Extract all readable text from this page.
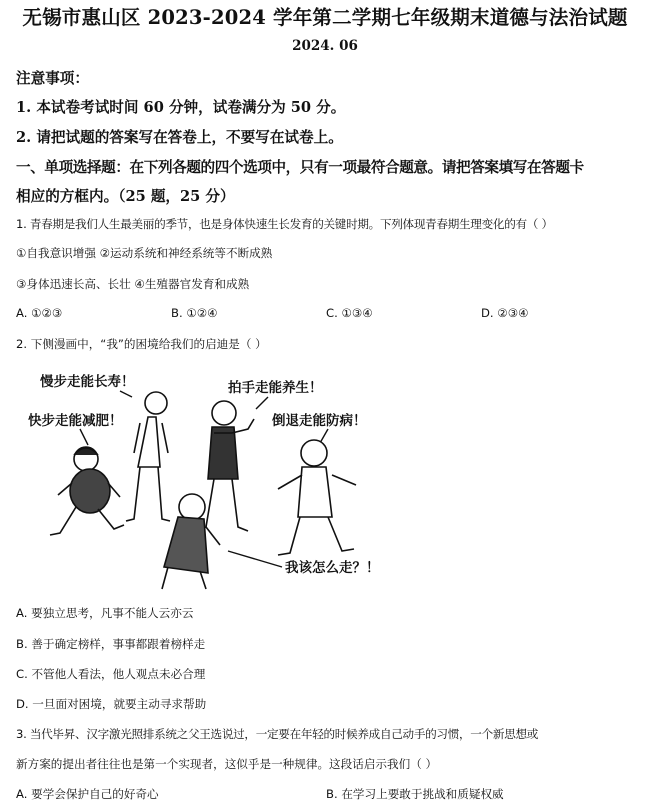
无锡市惠山区 2023-2024 学年第二学期七年级期末道德与法治试题
2024. 06
注意事项：
1. 本试卷考试时间 60 分钟，试卷满分为 50 分。
2. 请把试题的答案写在答卷上，不要写在试卷上。
一、单项选择题：在下列各题的四个选项中，只有一项最符合题意。请把答案填写在答题卡
相应的方框内。（25 题，25 分）
1. 青春期是我们人生最美丽的季节，也是身体快速生长发育的关键时期。下列体现青春期生理变化的有（ ）
①自我意识增强 ②运动系统和神经系统等不断成熟
③身体迅速长高、长壮 ④生殖器官发育和成熟
A. ①②③	B. ①②④	C. ①③④	D. ②③④
2. 下侧漫画中，“我”的困境给我们的启迪是（ ）
慢步走能长寿！	拍手走能养生！
快步走能减肥！	倒退走能防病！
我该怎么走？！
A. 要独立思考，凡事不能人云亦云
B. 善于确定榜样，事事都跟着榜样走
C. 不管他人看法，他人观点未必合理
D. 一旦面对困境，就要主动寻求帮助
3. 当代毕昇、汉字激光照排系统之父王选说过，一定要在年轻的时候养成自己动手的习惯，一个新思想或
新方案的提出者往往也是第一个实现者，这似乎是一种规律。这段话启示我们（ ）
A. 要学会保护自己的好奇心	B. 在学习上要敢于挑战和质疑权威
